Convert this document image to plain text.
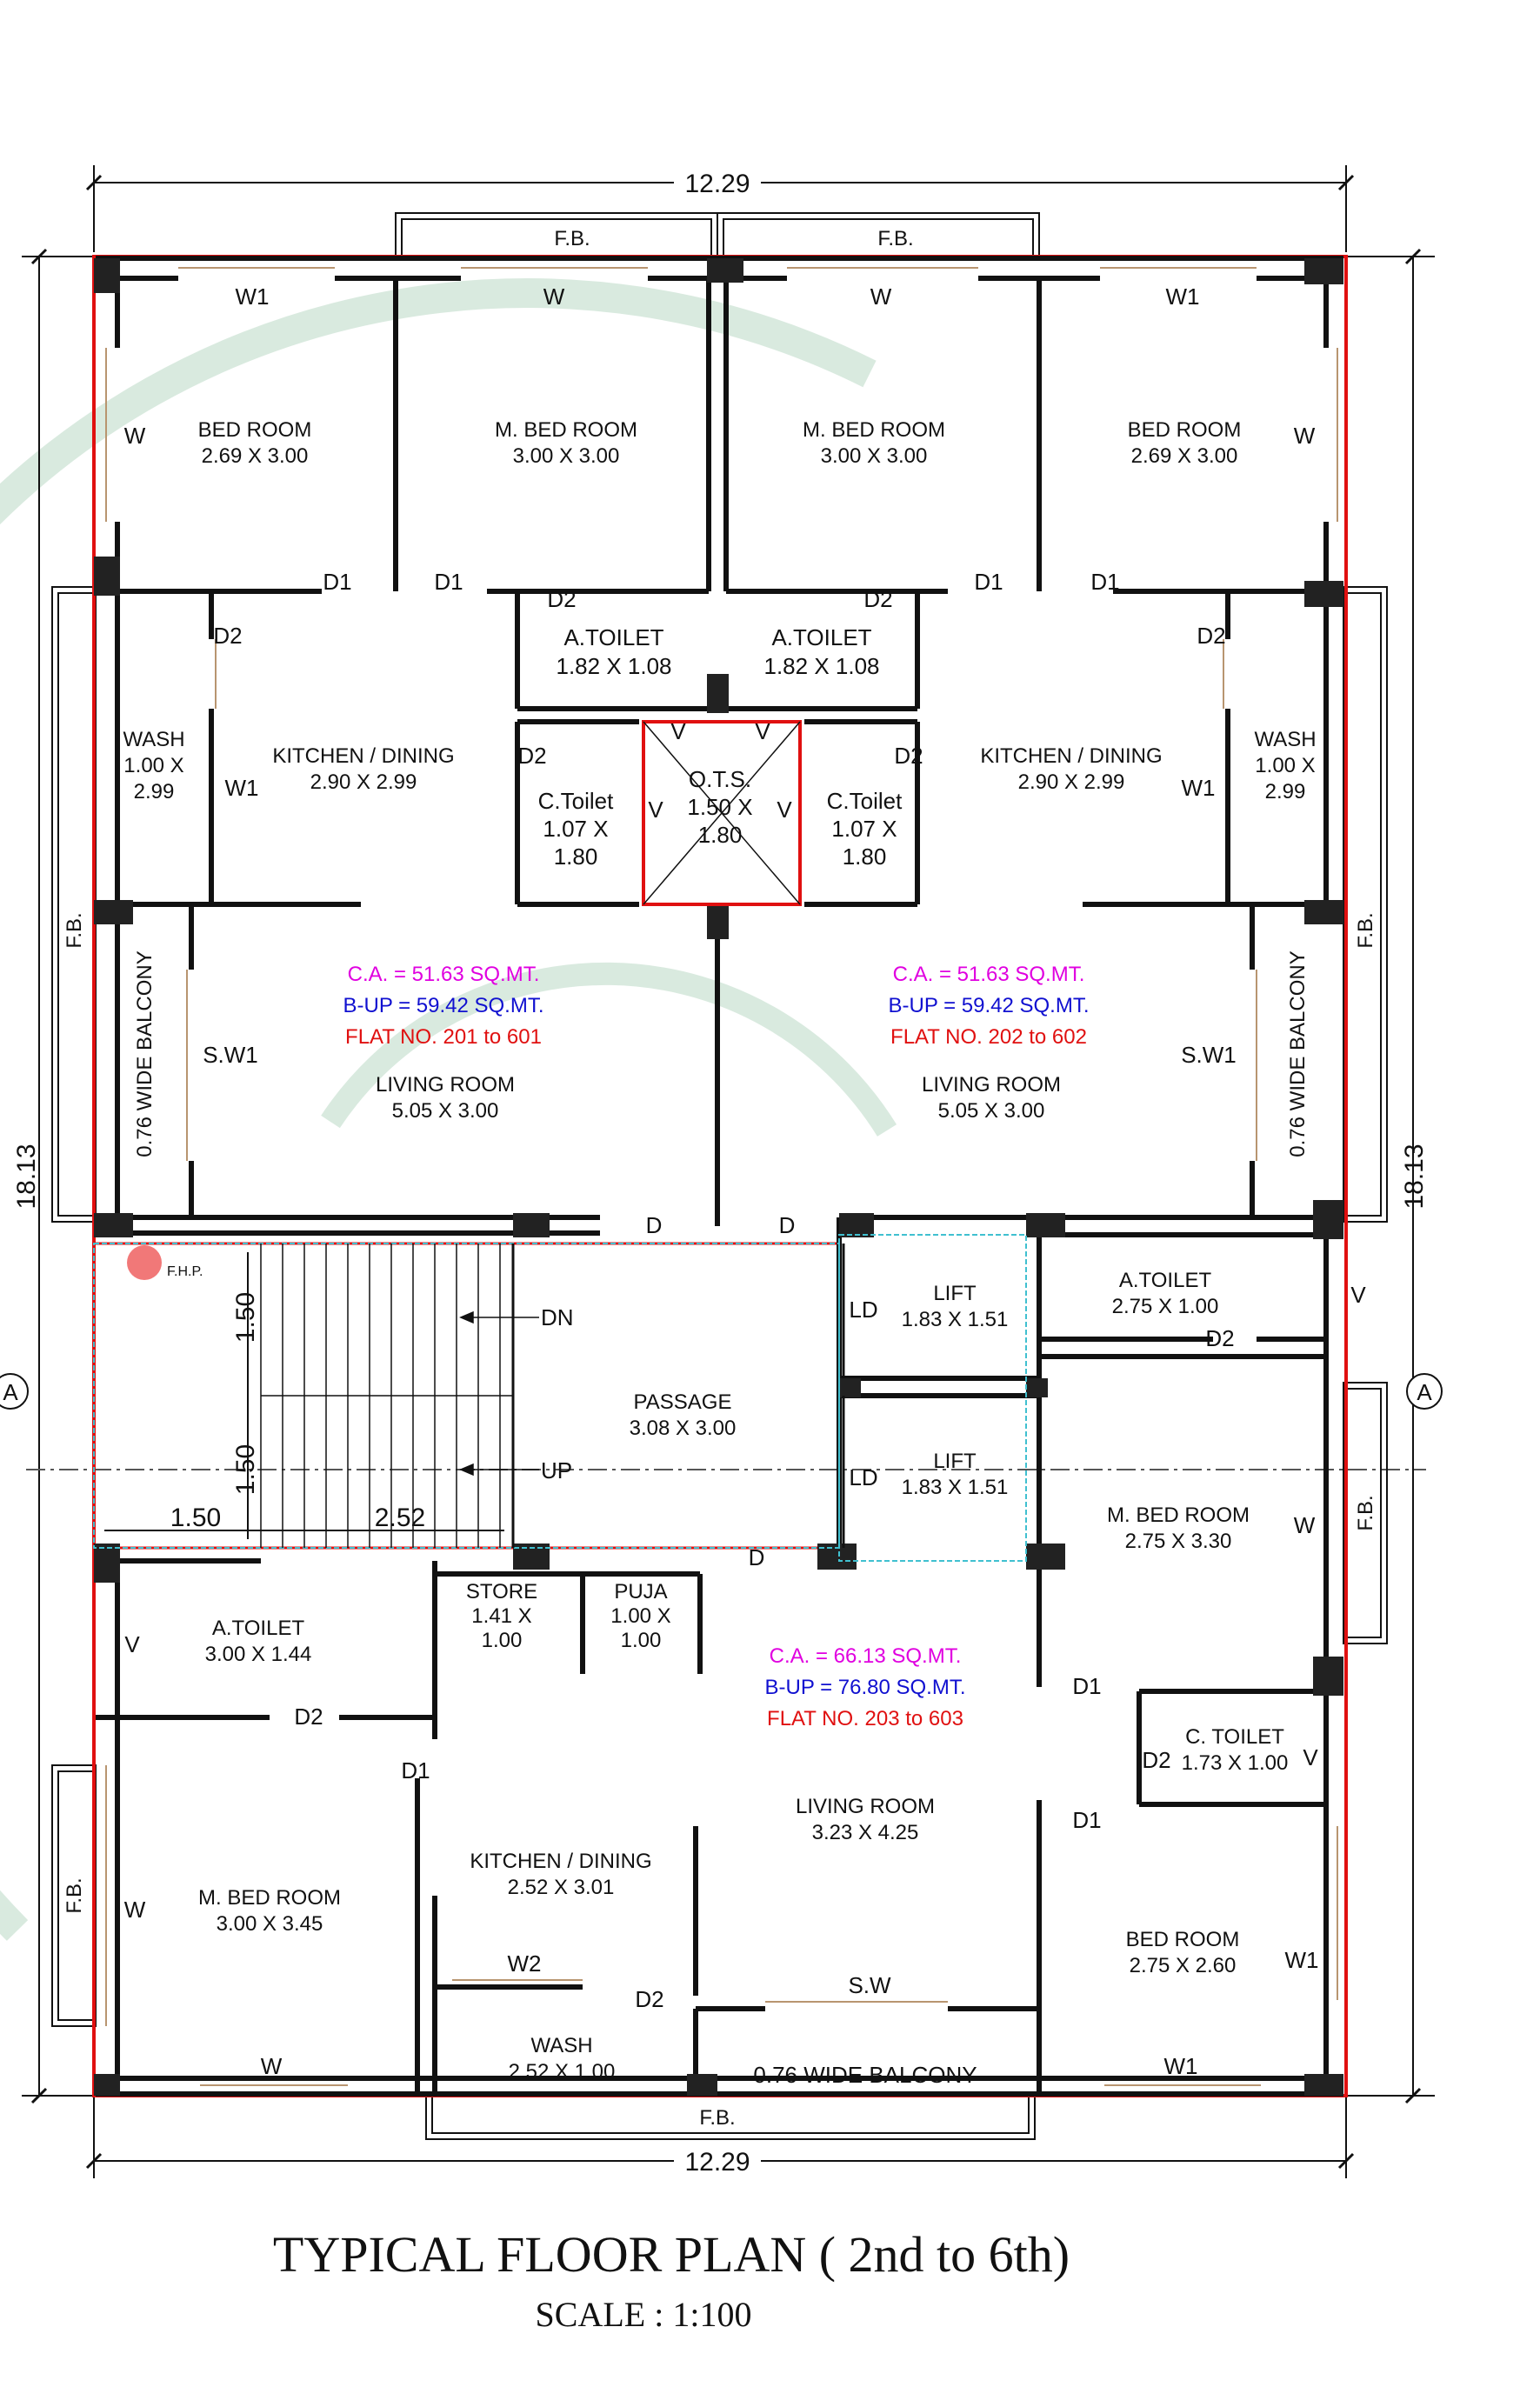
12.29
12.29
18.13	18.13
A	A
F.B.	F.B.
F.B.	F.B.
F.B.
F.B.
F.B.
W1	W	W	W1
W	W
W1	W1
S.W1	S.W1
W
W
W
W1
W1
W2
S.W
D1	D1
D2	D2
D1	D1
D2	D2
D2	D2
D	D
D
D2
D2
D1
D1
D2
D1
D2
V	V
V	V
V
V
V
LD
LD
DN
UP
F.H.P.
1.50
1.50
1.50	2.52
0.76 WIDE BALCONY	0.76 WIDE BALCONY
0.76 WIDE BALCONY
BED ROOM
2.69 X 3.00
M. BED ROOM
3.00 X 3.00
M. BED ROOM
3.00 X 3.00
BED ROOM
2.69 X 3.00
A.TOILET
1.82 X 1.08
A.TOILET
1.82 X 1.08
KITCHEN / DINING
2.90 X 2.99
KITCHEN / DINING
2.90 X 2.99
LIVING ROOM
5.05 X 3.00
LIVING ROOM
5.05 X 3.00
PASSAGE
3.08 X 3.00
LIFT
1.83 X 1.51
LIFT
1.83 X 1.51
A.TOILET
2.75 X 1.00
M. BED ROOM
2.75 X 3.30
A.TOILET
3.00 X 1.44
M. BED ROOM
3.00 X 3.45
KITCHEN / DINING
2.52 X 3.01
LIVING ROOM
3.23 X 4.25
BED ROOM
2.75 X 2.60
WASH
2.52 X 1.00
WASH
1.00 X
2.99
WASH
1.00 X
2.99
C.Toilet
1.07 X
1.80
C.Toilet
1.07 X
1.80
O.T.S.
1.50 X
1.80
STORE
1.41 X
1.00
PUJA
1.00 X
1.00
C. TOILET
1.73 X 1.00
C.A. = 51.63 SQ.MT.
B-UP = 59.42 SQ.MT.
FLAT NO. 201 to 601
C.A. = 51.63 SQ.MT.
B-UP = 59.42 SQ.MT.
FLAT NO. 202 to 602
C.A. = 66.13 SQ.MT.
B-UP = 76.80 SQ.MT.
FLAT NO. 203 to 603
TYPICAL FLOOR PLAN ( 2nd to 6th)
SCALE : 1:100
